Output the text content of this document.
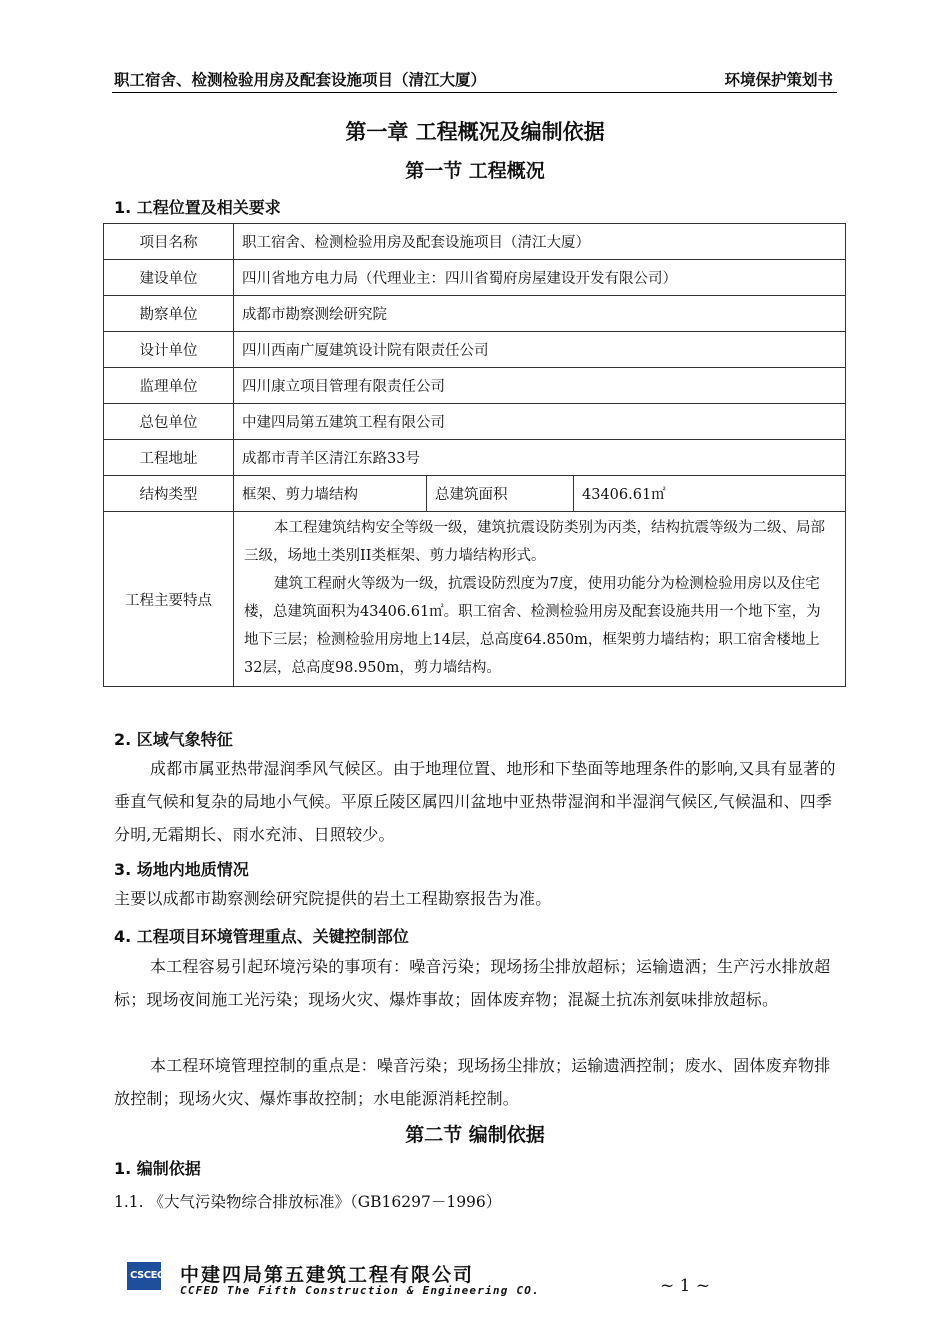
职工宿舍、检测检验用房及配套设施项目（清江大厦）	环境保护策划书
第一章 工程概况及编制依据
第一节 工程概况
1. 工程位置及相关要求
项目名称	职工宿舍、检测检验用房及配套设施项目（清江大厦）		
建设单位	四川省地方电力局（代理业主：四川省蜀府房屋建设开发有限公司）		
勘察单位	成都市勘察测绘研究院		
设计单位	四川西南广厦建筑设计院有限责任公司		
监理单位	四川康立项目管理有限责任公司		
总包单位	中建四局第五建筑工程有限公司		
工程地址	成都市青羊区清江东路33号		
结构类型	框架、剪力墙结构	总建筑面积	43406.61㎡
工程主要特点	本工程建筑结构安全等级一级，建筑抗震设防类别为丙类，结构抗震等级为二级、局部三级，场地土类别II类框架、剪力墙结构形式。
建筑工程耐火等级为一级，抗震设防烈度为7度，使用功能分为检测检验用房以及住宅楼，总建筑面积为43406.61㎡。职工宿舍、检测检验用房及配套设施共用一个地下室，为地下三层；检测检验用房地上14层，总高度64.850m，框架剪力墙结构；职工宿舍楼地上32层，总高度98.950m，剪力墙结构。		
2. 区域气象特征
成都市属亚热带湿润季风气候区。由于地理位置、地形和下垫面等地理条件的影响,又具有显著的垂直气候和复杂的局地小气候。平原丘陵区属四川盆地中亚热带湿润和半湿润气候区,气候温和、四季分明,无霜期长、雨水充沛、日照较少。
3. 场地内地质情况
主要以成都市勘察测绘研究院提供的岩土工程勘察报告为准。
4. 工程项目环境管理重点、关键控制部位
本工程容易引起环境污染的事项有：噪音污染；现场扬尘排放超标；运输遗洒；生产污水排放超标；现场夜间施工光污染；现场火灾、爆炸事故；固体废弃物；混凝土抗冻剂氨味排放超标。
本工程环境管理控制的重点是：噪音污染；现场扬尘排放；运输遗洒控制；废水、固体废弃物排放控制；现场火灾、爆炸事故控制；水电能源消耗控制。
第二节 编制依据
1. 编制依据
1.1. 《大气污染物综合排放标准》（GB16297－1996）
CSCEC 中建四局第五建筑工程有限公司
CCFED The Fifth Construction & Engineering CO.	~ 1 ~
